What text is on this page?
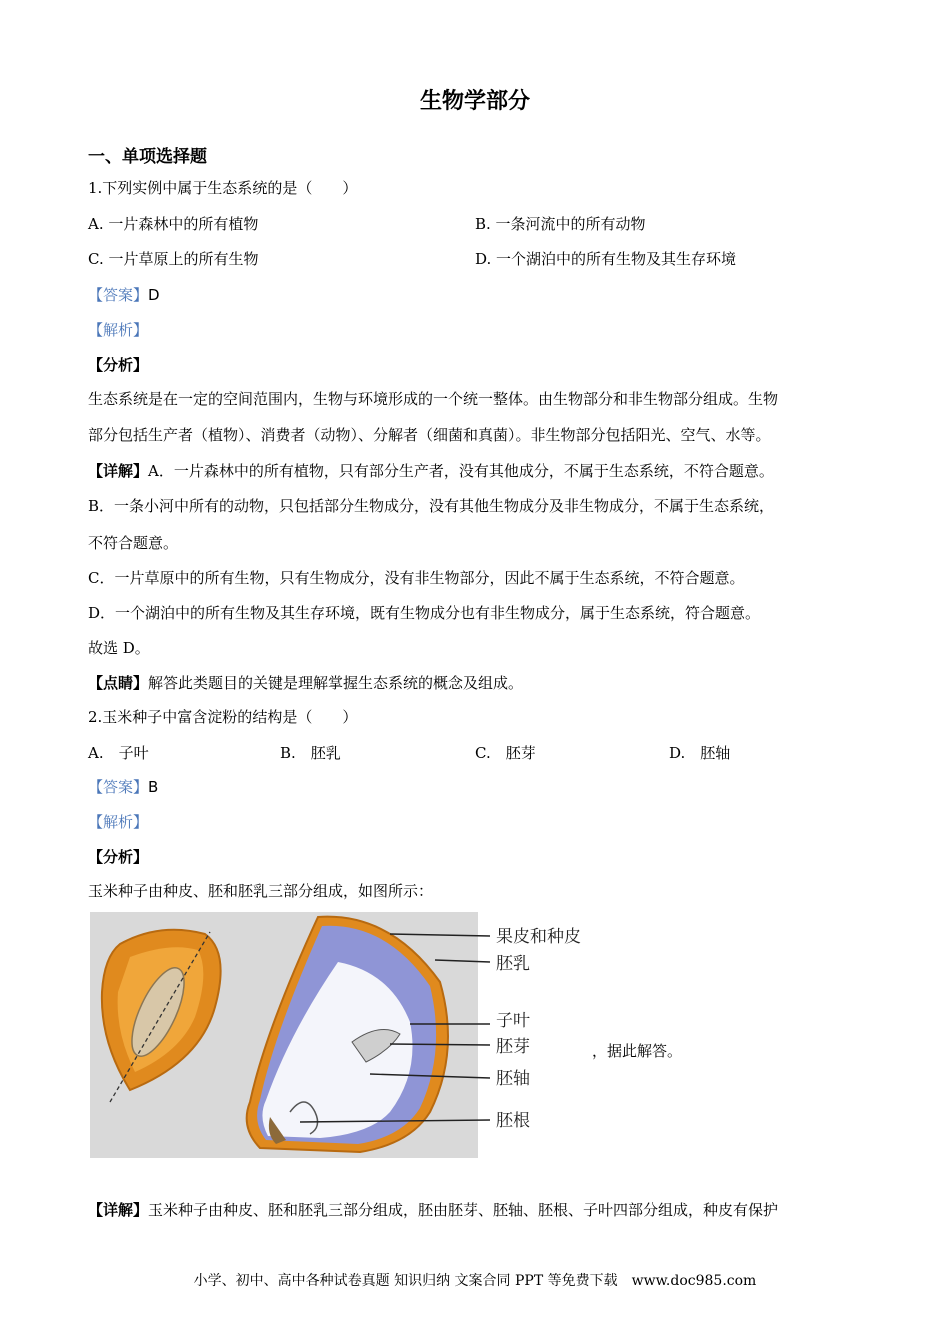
生物学部分
一、单项选择题
1.下列实例中属于生态系统的是（　　）
A. 一片森林中的所有植物	B. 一条河流中的所有动物
C. 一片草原上的所有生物	D. 一个湖泊中的所有生物及其生存环境
【答案】D
【解析】
【分析】
生态系统是在一定的空间范围内，生物与环境形成的一个统一整体。由生物部分和非生物部分组成。生物
部分包括生产者（植物）、消费者（动物）、分解者（细菌和真菌）。非生物部分包括阳光、空气、水等。
【详解】A．一片森林中的所有植物，只有部分生产者，没有其他成分，不属于生态系统，不符合题意。
B．一条小河中所有的动物，只包括部分生物成分，没有其他生物成分及非生物成分，不属于生态系统，
不符合题意。
C．一片草原中的所有生物，只有生物成分，没有非生物部分，因此不属于生态系统，不符合题意。
D．一个湖泊中的所有生物及其生存环境，既有生物成分也有非生物成分，属于生态系统，符合题意。
故选 D。
【点睛】解答此类题目的关键是理解掌握生态系统的概念及组成。
2.玉米种子中富含淀粉的结构是（　　）
A.　子叶	B.　胚乳	C.　胚芽	D.　胚轴
【答案】B
【解析】
【分析】
玉米种子由种皮、胚和胚乳三部分组成，如图所示：
果皮和种皮
胚乳
子叶
胚芽
胚轴
胚根
，据此解答。
【详解】玉米种子由种皮、胚和胚乳三部分组成，胚由胚芽、胚轴、胚根、子叶四部分组成，种皮有保护
小学、初中、高中各种试卷真题 知识归纳 文案合同 PPT 等免费下载　www.doc985.com
